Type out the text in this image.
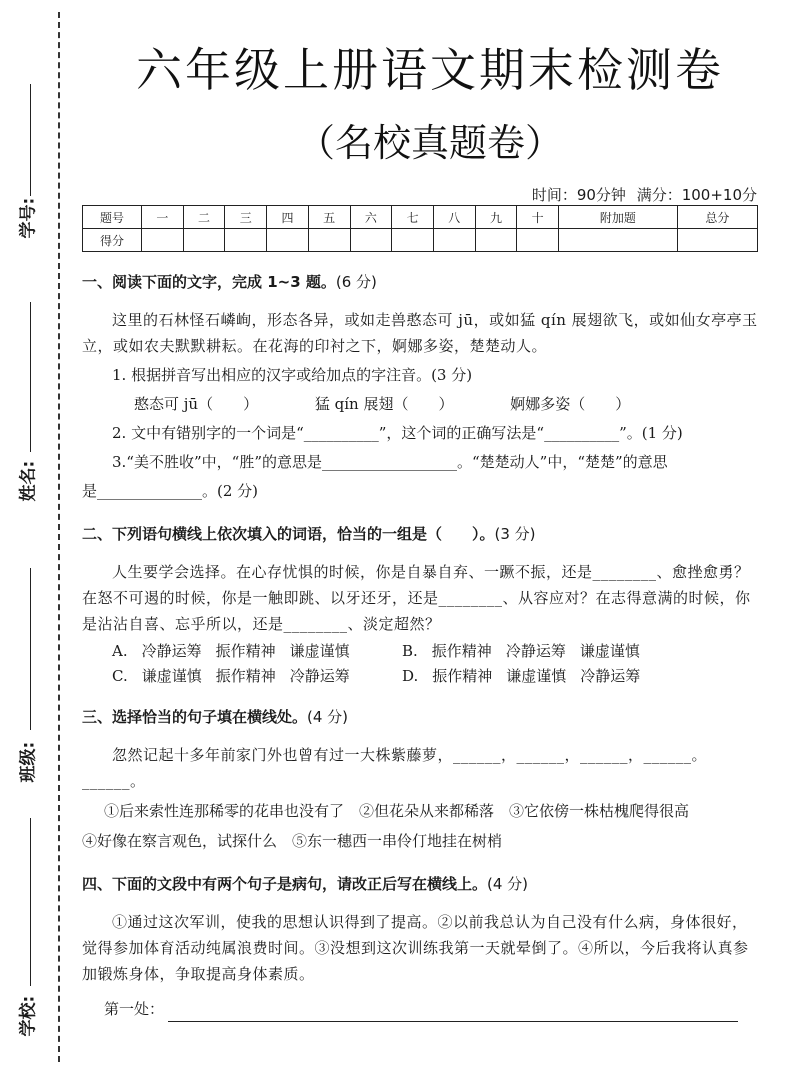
学号:
姓名:
班级:
学校:
六年级上册语文期末检测卷
（名校真题卷）
时间：90分钟 满分：100+10分
题号	一	二	三	四	五	六	七	八	九	十	附加题	总分
得分												

一、阅读下面的文字，完成 1~3 题。(6 分)

这里的石林怪石嶙峋，形态各异，或如走兽憨态可 jū，或如猛 qín 展翅欲飞，或如仙女亭亭玉立，或如农夫默默耕耘。在花海的印衬之下，婀娜多姿，楚楚动人。

1. 根据拼音写出相应的汉字或给加点的字注音。(3 分)

憨态可 jū（　　）	猛 qín 展翅（　　）	婀娜多姿（　　）

2. 文中有错别字的一个词是“__________”，这个词的正确写法是“__________”。(1 分)

3.“美不胜收”中，“胜”的意思是__________________。“楚楚动人”中，“楚楚”的意思

是______________。(2 分)

二、下列语句横线上依次填入的词语，恰当的一组是（　　）。(3 分)

人生要学会选择。在心存忧惧的时候，你是自暴自弃、一蹶不振，还是________、愈挫愈勇？在怒不可遏的时候，你是一触即跳、以牙还牙，还是________、从容应对？在志得意满的时候，你是沾沾自喜、忘乎所以，还是________、淡定超然？

A. 冷静运筹 振作精神 谦虚谨慎	B. 振作精神 冷静运筹 谦虚谨慎 C. 谦虚谨慎 振作精神 冷静运筹	D. 振作精神 谦虚谨慎 冷静运筹

三、选择恰当的句子填在横线处。(4 分)

忽然记起十多年前家门外也曾有过一大株紫藤萝，______，______，______，______。______。

①后来索性连那稀零的花串也没有了　②但花朵从来都稀落　③它依傍一株枯槐爬得很高

④好像在察言观色，试探什么　⑤东一穗西一串伶仃地挂在树梢

四、下面的文段中有两个句子是病句，请改正后写在横线上。(4 分)

①通过这次军训，使我的思想认识得到了提高。②以前我总认为自己没有什么病，身体很好，觉得参加体育活动纯属浪费时间。③没想到这次训练我第一天就晕倒了。④所以，今后我将认真参加锻炼身体，争取提高身体素质。

第一处：
